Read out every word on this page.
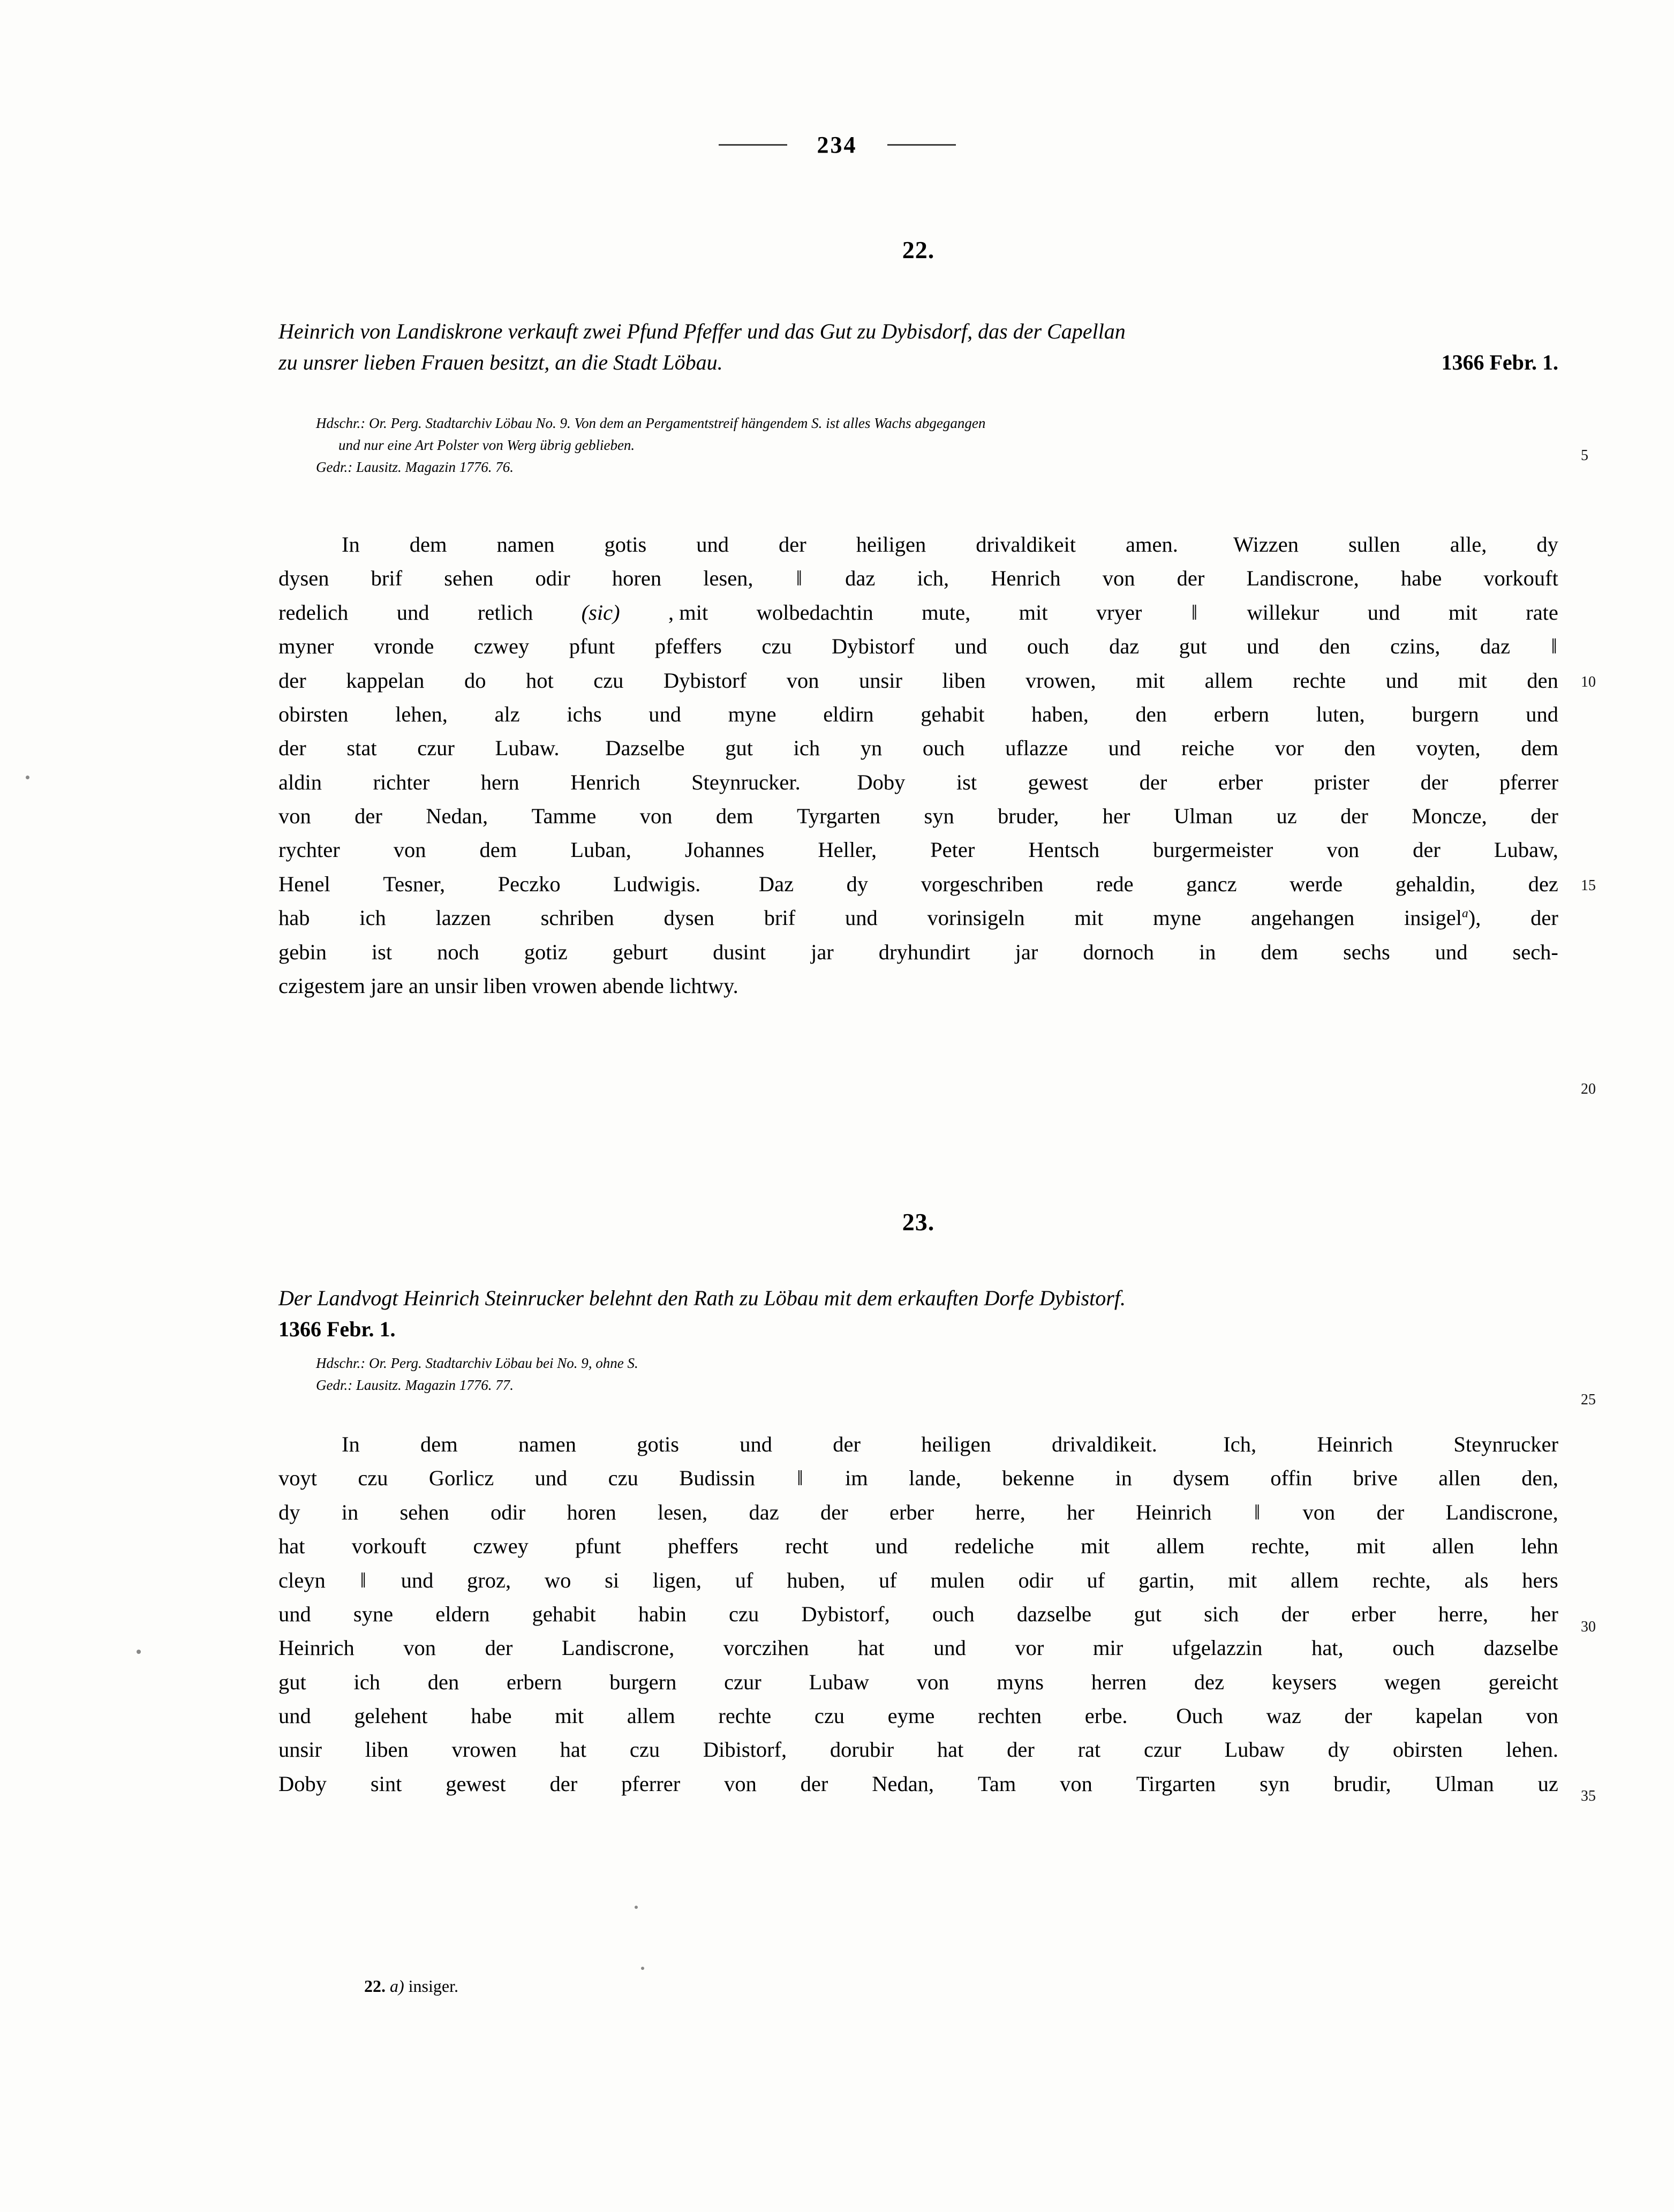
234
22.
Heinrich von Landiskrone verkauft zwei Pfund Pfeffer und das Gut zu Dybisdorf, das der Capellan
zu unsrer lieben Frauen besitzt, an die Stadt Löbau.	1366 Febr. 1.
Hdschr.: Or. Perg. Stadtarchiv Löbau No. 9. Von dem an Pergamentstreif hängendem S. ist alles Wachs abgegangen
und nur eine Art Polster von Werg übrig geblieben.
Gedr.: Lausitz. Magazin 1776. 76.
In dem namen gotis und der heiligen drivaldikeit amen. Wizzen sullen alle, dy
dysen brif sehen odir horen lesen, ‖ daz ich, Henrich von der Landiscrone, habe vorkouft
redelich und retlich (sic) , mit wolbedachtin mute, mit vryer ‖ willekur und mit rate
myner vronde czwey pfunt pfeffers czu Dybistorf und ouch daz gut und den czins, daz ‖
der kappelan do hot czu Dybistorf von unsir liben vrowen, mit allem rechte und mit den
obirsten lehen, alz ichs und myne eldirn gehabit haben, den erbern luten, burgern und
der stat czur Lubaw. Dazselbe gut ich yn ouch uflazze und reiche vor den voyten, dem
aldin richter hern Henrich Steynrucker. Doby ist gewest der erber prister der pferrer
von der Nedan, Tamme von dem Tyrgarten syn bruder, her Ulman uz der Moncze, der
rychter von dem Luban, Johannes Heller, Peter Hentsch burgermeister von der Lubaw,
Henel Tesner, Peczko Ludwigis. Daz dy vorgeschriben rede gancz werde gehaldin, dez
hab ich lazzen schriben dysen brif und vorinsigeln mit myne angehangen insigel$^a$), der
gebin ist noch gotiz geburt dusint jar dryhundirt jar dornoch in dem sechs und sech-
czigestem jare an unsir liben vrowen abende lichtwy.
23.
Der Landvogt Heinrich Steinrucker belehnt den Rath zu Löbau mit dem erkauften Dorfe Dybistorf.
1366 Febr. 1.
Hdschr.: Or. Perg. Stadtarchiv Löbau bei No. 9, ohne S.
Gedr.: Lausitz. Magazin 1776. 77.
In	dem	namen	gotis	und	der	heiligen	drivaldikeit.	Ich,	Heinrich	Steynrucker
voyt czu Gorlicz und czu Budissin ‖ im lande, bekenne in dysem offin brive allen den,
dy in sehen odir horen lesen, daz der erber herre, her Heinrich ‖ von der Landiscrone,
hat vorkouft czwey pfunt pheffers recht und redeliche mit allem rechte, mit allen lehn
cleyn ‖ und groz, wo si ligen, uf huben, uf mulen odir uf gartin, mit allem rechte, als hers
und syne eldern gehabit habin czu Dybistorf, ouch dazselbe gut sich der erber herre, her
Heinrich von der Landiscrone, vorczihen hat und vor mir ufgelazzin hat, ouch dazselbe
gut ich den erbern burgern czur Lubaw von myns herren dez keysers wegen gereicht
und gelehent habe mit allem rechte czu eyme rechten erbe. Ouch waz der kapelan von
unsir liben vrowen hat czu Dibistorf, dorubir hat der rat czur Lubaw dy obirsten lehen.
Doby sint gewest der pferrer von der Nedan, Tam von Tirgarten syn brudir, Ulman uz
5
10
15
20
25
30
35
22. a) insiger.
